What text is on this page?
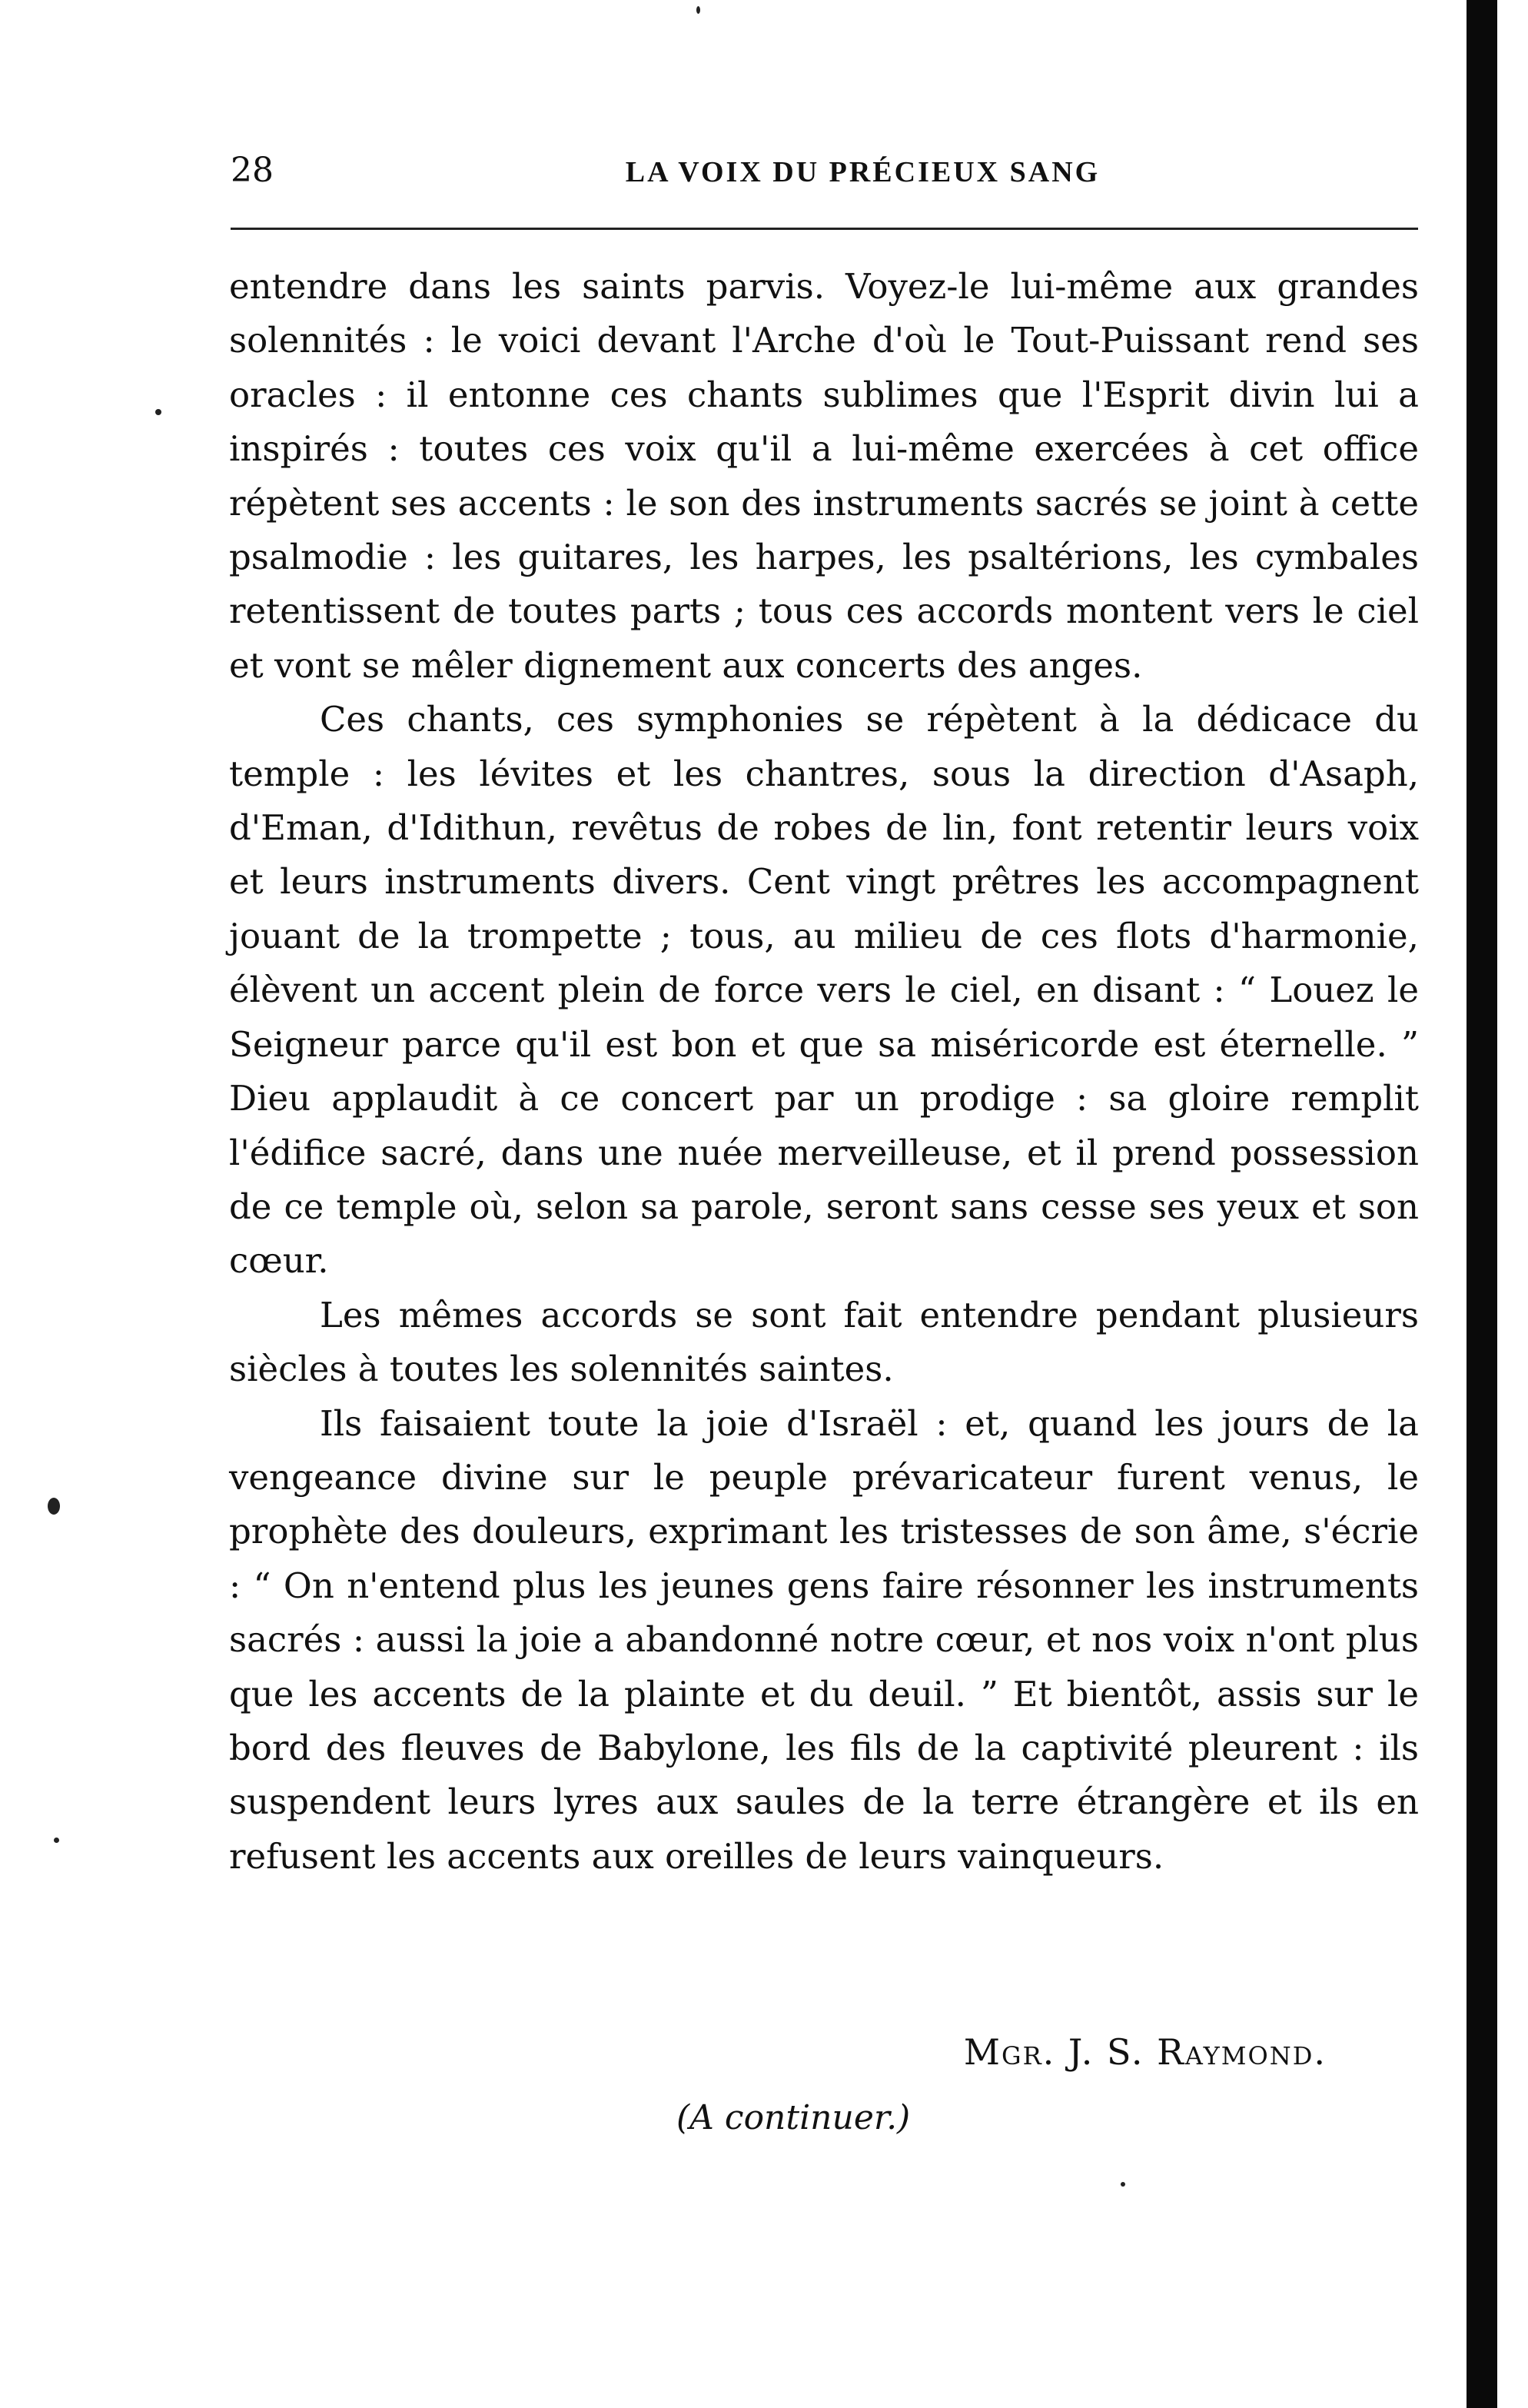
28	LA VOIX DU PRÉCIEUX SANG

entendre dans les saints parvis. Voyez-le lui-même aux grandes solennités : le voici devant l'Arche d'où le Tout-Puissant rend ses oracles : il entonne ces chants sublimes que l'Esprit divin lui a inspirés : toutes ces voix qu'il a lui-même exercées à cet office répètent ses accents : le son des instruments sacrés se joint à cette psalmodie : les guitares, les harpes, les psaltérions, les cymbales retentissent de toutes parts ; tous ces accords montent vers le ciel et vont se mêler dignement aux concerts des anges.

Ces chants, ces symphonies se répètent à la dédicace du temple : les lévites et les chantres, sous la direction d'Asaph, d'Eman, d'Idithun, revêtus de robes de lin, font retentir leurs voix et leurs instruments divers. Cent vingt prêtres les accompagnent jouant de la trompette ; tous, au milieu de ces flots d'harmonie, élèvent un accent plein de force vers le ciel, en disant : “ Louez le Seigneur parce qu'il est bon et que sa miséricorde est éternelle. ” Dieu applaudit à ce concert par un prodige : sa gloire remplit l'édifice sacré, dans une nuée merveilleuse, et il prend possession de ce temple où, selon sa parole, seront sans cesse ses yeux et son cœur.

Les mêmes accords se sont fait entendre pendant plusieurs siècles à toutes les solennités saintes.

Ils faisaient toute la joie d'Israël : et, quand les jours de la vengeance divine sur le peuple prévaricateur furent venus, le prophète des douleurs, exprimant les tristesses de son âme, s'écrie : “ On n'entend plus les jeunes gens faire résonner les instruments sacrés : aussi la joie a abandonné notre cœur, et nos voix n'ont plus que les accents de la plainte et du deuil. ” Et bientôt, assis sur le bord des fleuves de Babylone, les fils de la captivité pleurent : ils suspendent leurs lyres aux saules de la terre étrangère et ils en refusent les accents aux oreilles de leurs vainqueurs.

Mgr. J. S. Raymond.
(A continuer.)
